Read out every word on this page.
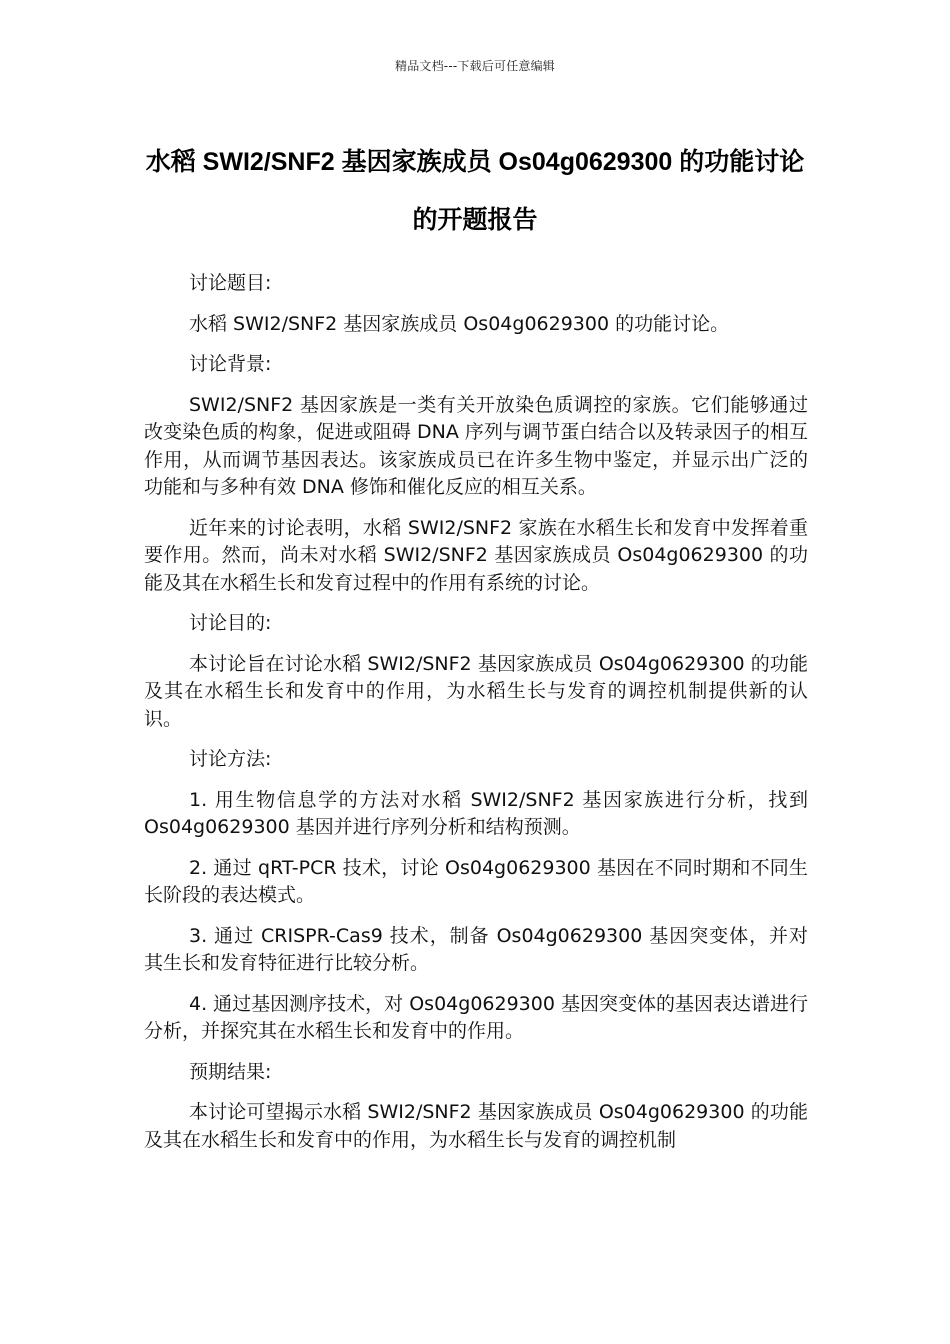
精品文档---下载后可任意编辑
水稻 SWI2/SNF2 基因家族成员 Os04g0629300 的功能讨论的开题报告

讨论题目:

水稻 SWI2/SNF2 基因家族成员 Os04g0629300 的功能讨论。

讨论背景:

SWI2/SNF2 基因家族是一类有关开放染色质调控的家族。它们能够通过改变染色质的构象，促进或阻碍 DNA 序列与调节蛋白结合以及转录因子的相互作用，从而调节基因表达。该家族成员已在许多生物中鉴定，并显示出广泛的功能和与多种有效 DNA 修饰和催化反应的相互关系。

近年来的讨论表明，水稻 SWI2/SNF2 家族在水稻生长和发育中发挥着重要作用。然而，尚未对水稻 SWI2/SNF2 基因家族成员 Os04g0629300 的功能及其在水稻生长和发育过程中的作用有系统的讨论。

讨论目的:

本讨论旨在讨论水稻 SWI2/SNF2 基因家族成员 Os04g0629300 的功能及其在水稻生长和发育中的作用，为水稻生长与发育的调控机制提供新的认识。

讨论方法:

1. 用生物信息学的方法对水稻 SWI2/SNF2 基因家族进行分析，找到 Os04g0629300 基因并进行序列分析和结构预测。

2. 通过 qRT-PCR 技术，讨论 Os04g0629300 基因在不同时期和不同生长阶段的表达模式。

3. 通过 CRISPR-Cas9 技术，制备 Os04g0629300 基因突变体，并对其生长和发育特征进行比较分析。

4. 通过基因测序技术，对 Os04g0629300 基因突变体的基因表达谱进行分析，并探究其在水稻生长和发育中的作用。

预期结果:

本讨论可望揭示水稻 SWI2/SNF2 基因家族成员 Os04g0629300 的功能及其在水稻生长和发育中的作用，为水稻生长与发育的调控机制
